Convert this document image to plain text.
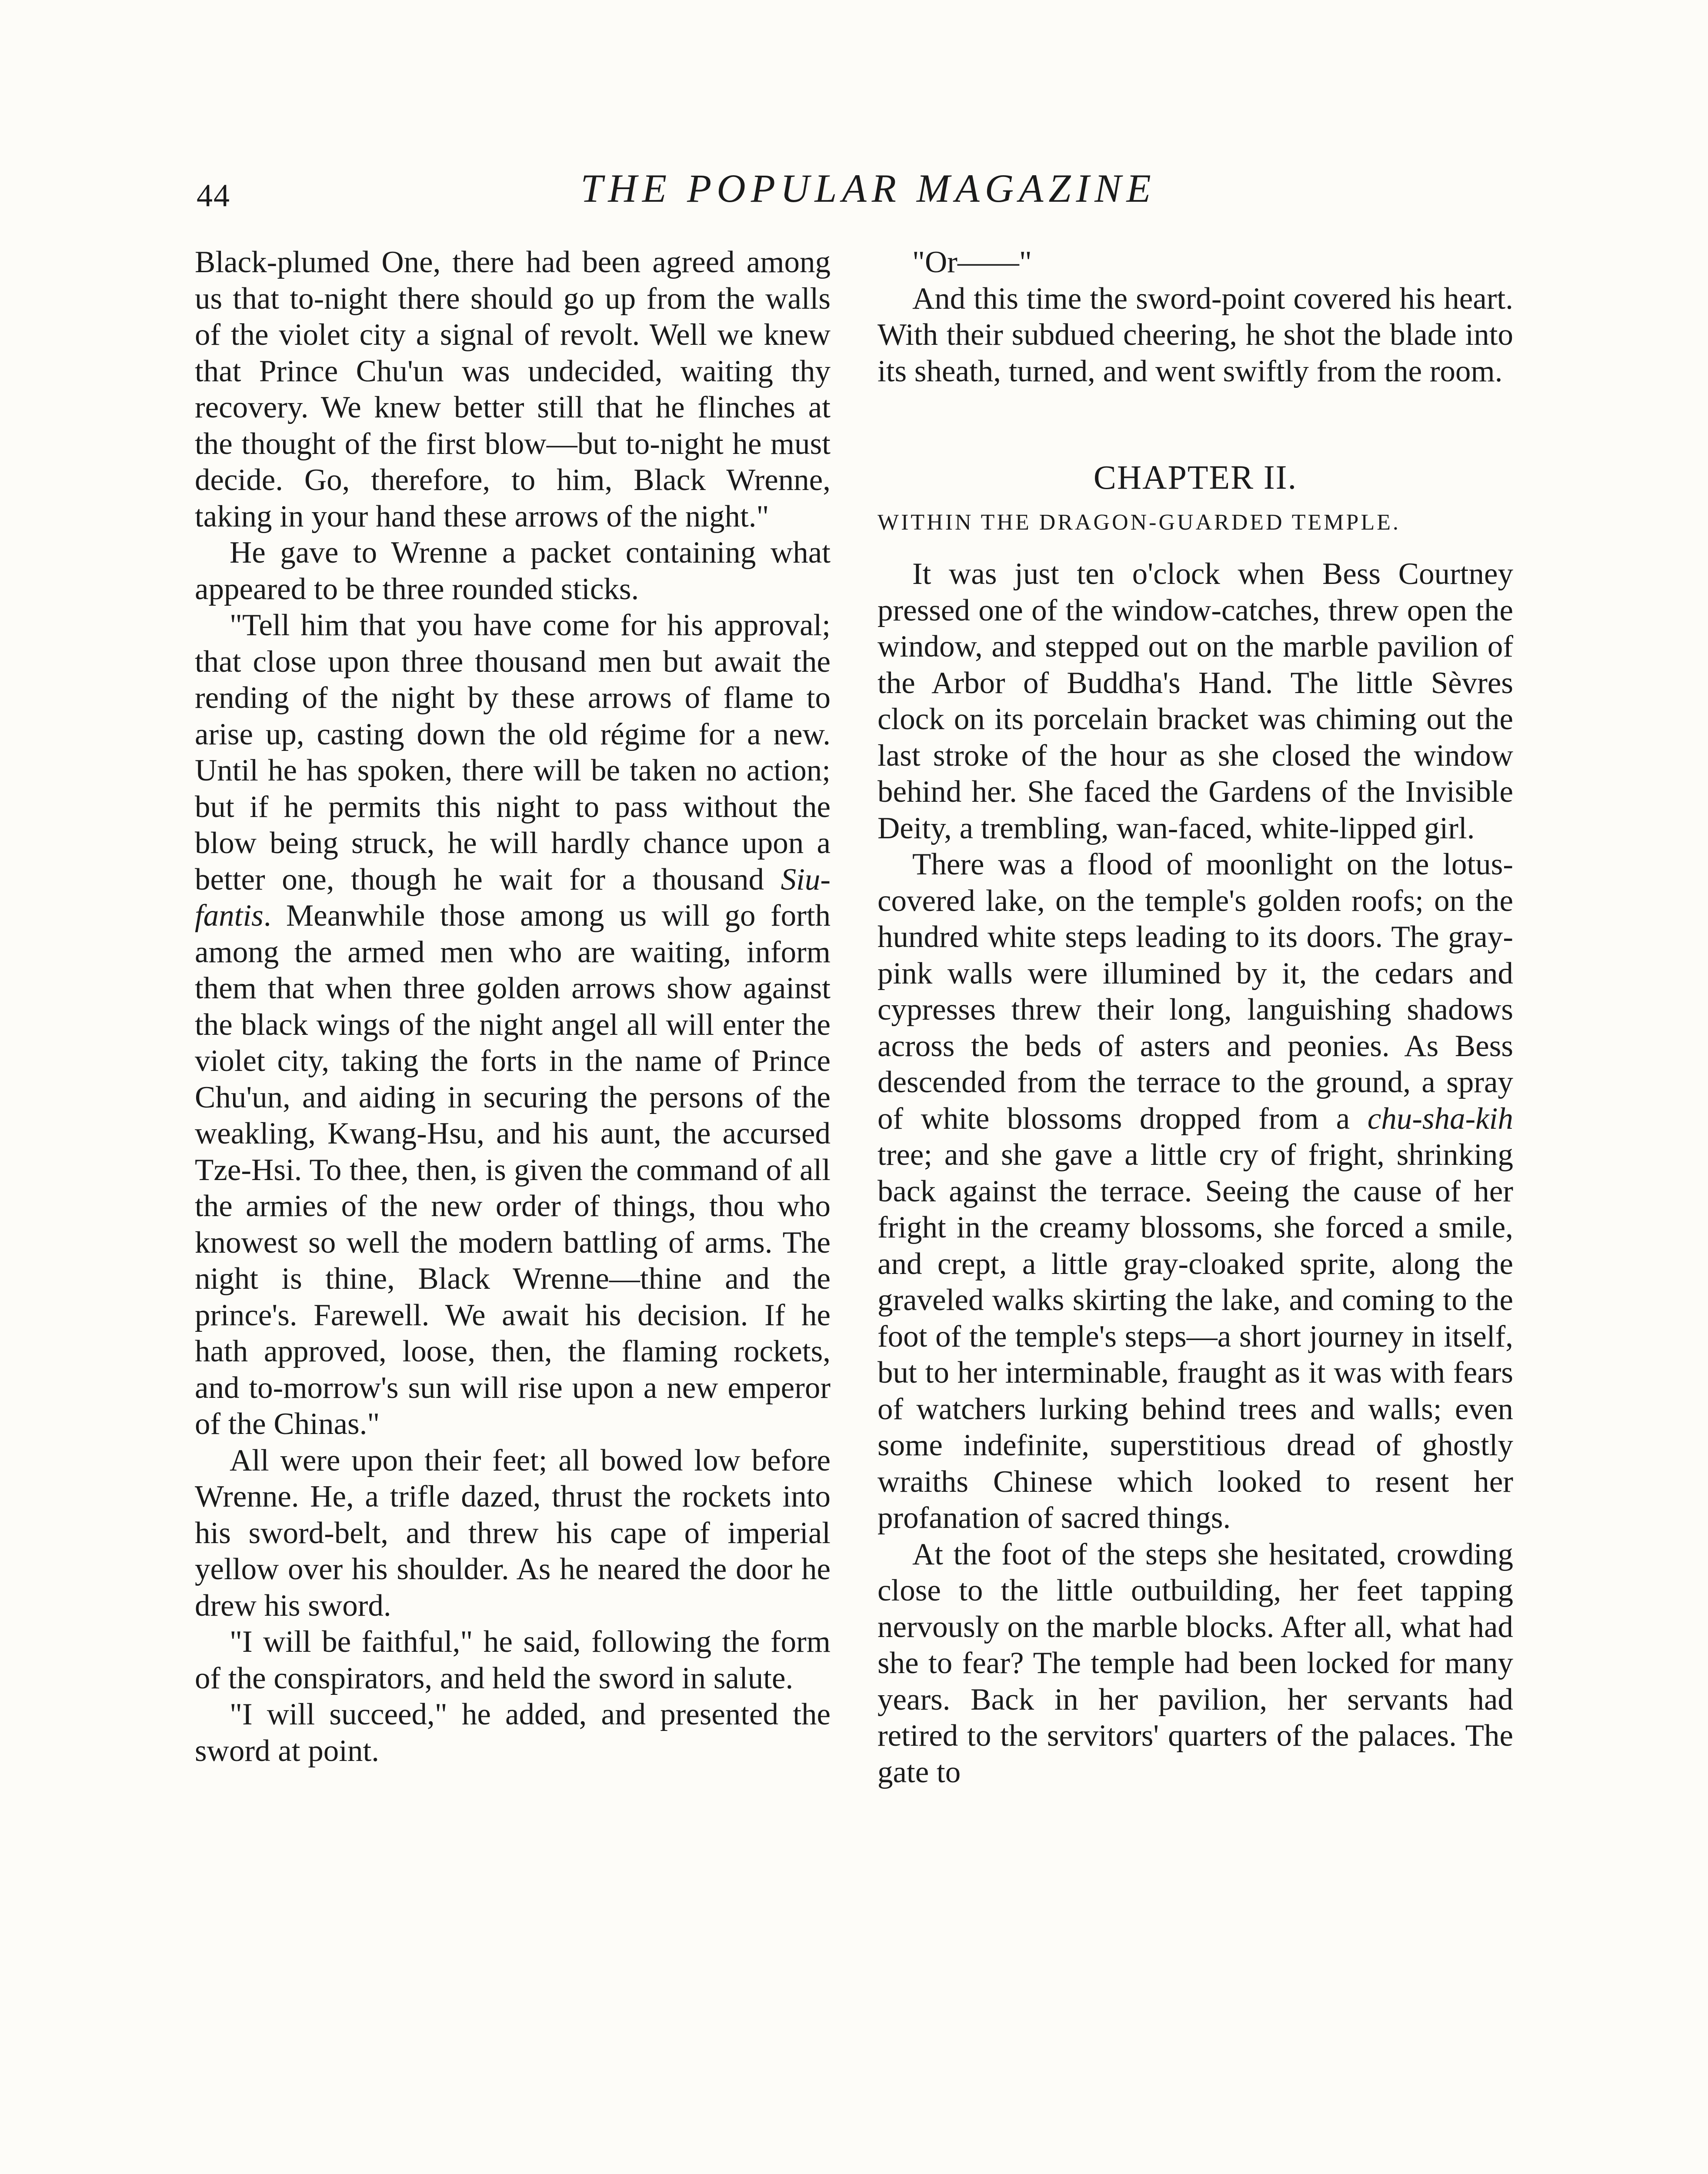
44	THE POPULAR MAGAZINE

Black-plumed One, there had been agreed among us that to-night there should go up from the walls of the violet city a signal of revolt. Well we knew that Prince Chu'un was undecided, waiting thy recovery. We knew better still that he flinches at the thought of the first blow—but to-night he must decide. Go, therefore, to him, Black Wrenne, taking in your hand these arrows of the night."

He gave to Wrenne a packet containing what appeared to be three rounded sticks.

"Tell him that you have come for his approval; that close upon three thousand men but await the rending of the night by these arrows of flame to arise up, casting down the old régime for a new. Until he has spoken, there will be taken no action; but if he permits this night to pass without the blow being struck, he will hardly chance upon a better one, though he wait for a thousand Siu-fantis. Meanwhile those among us will go forth among the armed men who are waiting, inform them that when three golden arrows show against the black wings of the night angel all will enter the violet city, taking the forts in the name of Prince Chu'un, and aiding in securing the persons of the weakling, Kwang-Hsu, and his aunt, the accursed Tze-Hsi. To thee, then, is given the command of all the armies of the new order of things, thou who knowest so well the modern battling of arms. The night is thine, Black Wrenne—thine and the prince's. Farewell. We await his decision. If he hath approved, loose, then, the flaming rockets, and to-morrow's sun will rise upon a new emperor of the Chinas."

All were upon their feet; all bowed low before Wrenne. He, a trifle dazed, thrust the rockets into his sword-belt, and threw his cape of imperial yellow over his shoulder. As he neared the door he drew his sword.

"I will be faithful," he said, following the form of the conspirators, and held the sword in salute.

"I will succeed," he added, and presented the sword at point.

"Or——"

And this time the sword-point covered his heart. With their subdued cheering, he shot the blade into its sheath, turned, and went swiftly from the room.

CHAPTER II.
WITHIN THE DRAGON-GUARDED TEMPLE.

It was just ten o'clock when Bess Courtney pressed one of the window-catches, threw open the window, and stepped out on the marble pavilion of the Arbor of Buddha's Hand. The little Sèvres clock on its porcelain bracket was chiming out the last stroke of the hour as she closed the window behind her. She faced the Gardens of the Invisible Deity, a trembling, wan-faced, white-lipped girl.

There was a flood of moonlight on the lotus-covered lake, on the temple's golden roofs; on the hundred white steps leading to its doors. The gray-pink walls were illumined by it, the cedars and cypresses threw their long, languishing shadows across the beds of asters and peonies. As Bess descended from the terrace to the ground, a spray of white blossoms dropped from a chu-sha-kih tree; and she gave a little cry of fright, shrinking back against the terrace. Seeing the cause of her fright in the creamy blossoms, she forced a smile, and crept, a little gray-cloaked sprite, along the graveled walks skirting the lake, and coming to the foot of the temple's steps—a short journey in itself, but to her interminable, fraught as it was with fears of watchers lurking behind trees and walls; even some indefinite, superstitious dread of ghostly wraiths Chinese which looked to resent her profanation of sacred things.

At the foot of the steps she hesitated, crowding close to the little outbuilding, her feet tapping nervously on the marble blocks. After all, what had she to fear? The temple had been locked for many years. Back in her pavilion, her servants had retired to the servitors' quarters of the palaces. The gate to
